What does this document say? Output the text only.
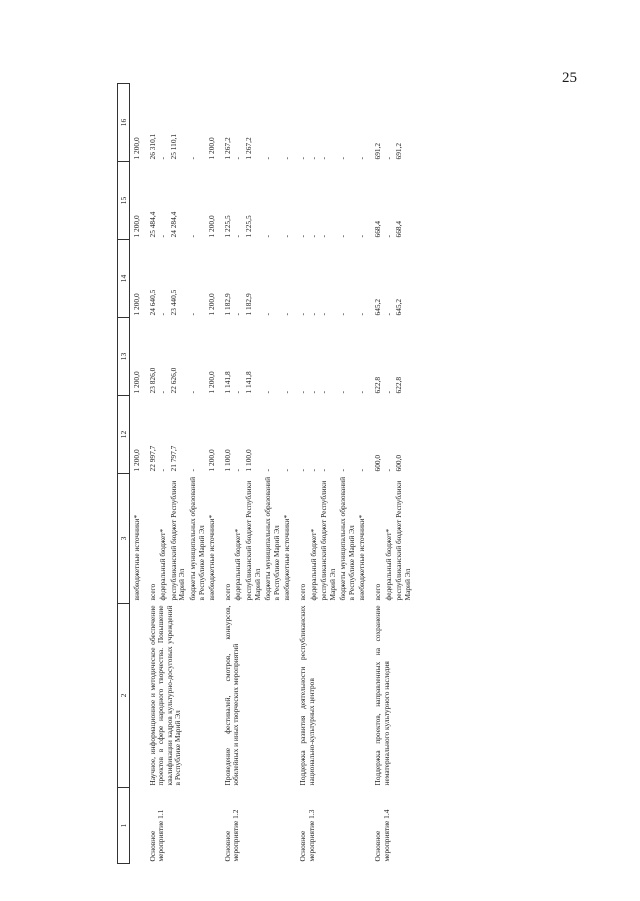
25
1	2	3	12	13	14	15	16
		внебюджетные источники*	1 200,0	1 200,0	1 200,0	1 200,0	1 200,0
Основное мероприятие 1.1	Научное, информационное и методическое обеспечение проектов в сфере народного творчества. Повышение квалификации кадров культурно-досуговых учреждений в Республике Марий Эл	всего	22 997,7	23 826,0	24 640,5	25 484,4	26 310,1
		федеральный бюджет*	-	-	-	-	-
		республиканский бюджет Республики Марий Эл	21 797,7	22 626,0	23 440,5	24 284,4	25 110,1
		бюджеты муниципальных образований в Республике Марий Эл	-	-	-	-	-
		внебюджетные источники*	1 200,0	1 200,0	1 200,0	1 200,0	1 200,0
Основное мероприятие 1.2	Проведение фестивалей, смотров, конкурсов, юбилейных и иных творческих мероприятий	всего	1 100,0	1 141,8	1 182,9	1 225,5	1 267,2
		федеральный бюджет*	-	-	-	-	-
		республиканский бюджет Республики Марий Эл	1 100,0	1 141,8	1 182,9	1 225,5	1 267,2
		бюджеты муниципальных образований в Республике Марий Эл	-	-	-	-	-
		внебюджетные источники*	-	-	-	-	-
Основное мероприятие 1.3	Поддержка развития деятельности республиканских национально-культурных центров	всего	-	-	-	-	-
		федеральный бюджет*	-	-	-	-	-
		республиканский бюджет Республики Марий Эл	-	-	-	-	-
		бюджеты муниципальных образований в Республике Марий Эл	-	-	-	-	-
		внебюджетные источники*	-	-	-	-	-
Основное мероприятие 1.4	Поддержка проектов, направленных на сохранение нематериального культурного наследия	всего	600,0	622,8	645,2	668,4	691,2
		федеральный бюджет*	-	-	-	-	-
		республиканский бюджет Республики Марий Эл	600,0	622,8	645,2	668,4	691,2
